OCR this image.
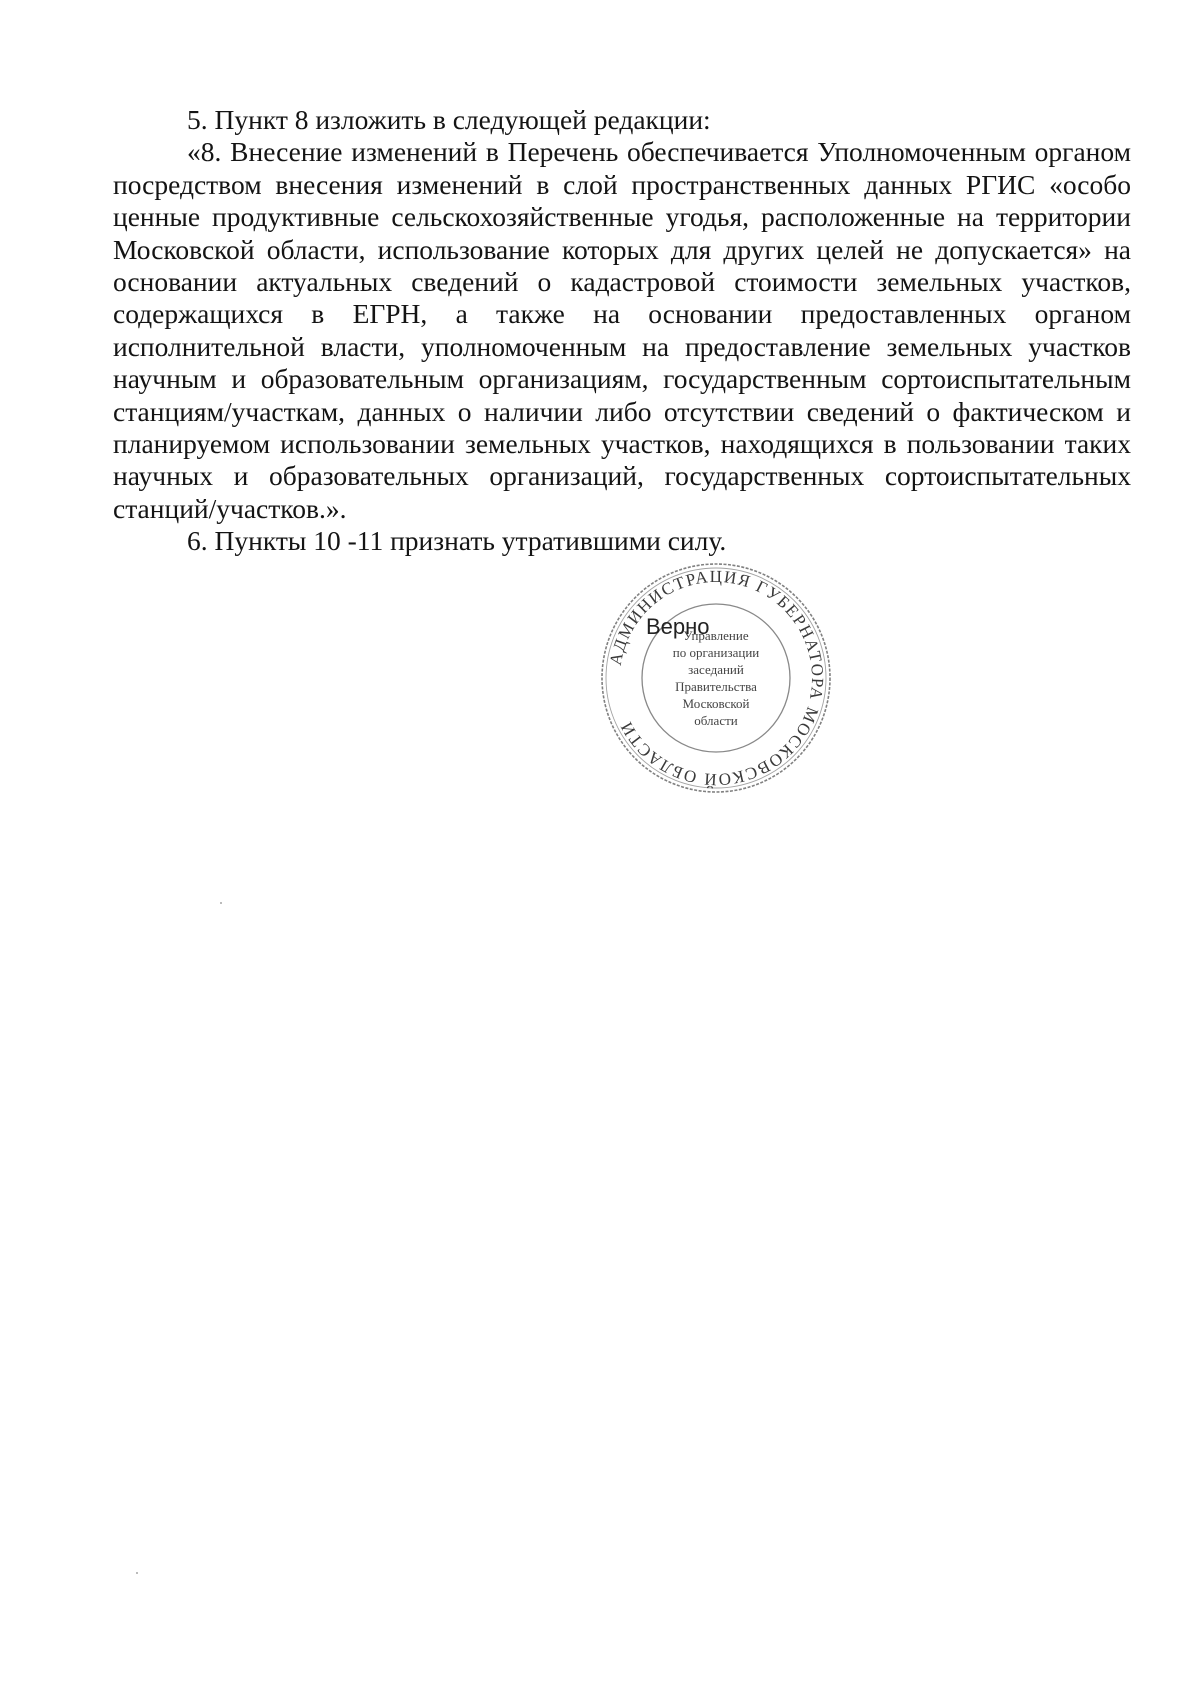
5. Пункт 8 изложить в следующей редакции:

«8. Внесение изменений в Перечень обеспечивается Уполномоченным органом посредством внесения изменений в слой пространственных данных РГИС «особо ценные продуктивные сельскохозяйственные угодья, расположенные на территории Московской области, использование которых для других целей не допускается» на основании актуальных сведений о кадастровой стоимости земельных участков, содержащихся в ЕГРН, а также на основании предоставленных органом исполнительной власти, уполномоченным на предоставление земельных участков научным и образовательным организациям, государственным сортоиспытательным станциям/участкам, данных о наличии либо отсутствии сведений о фактическом и планируемом использовании земельных участков, находящихся в пользовании таких научных и образовательных организаций, государственных сортоиспытательных станций/участков.».

6. Пункты 10 -11 признать утратившими силу.

АДМИНИСТРАЦИЯ ГУБЕРНАТОРА МОСКОВСКОЙ ОБЛАСТИ
Управление
по организации
заседаний
Правительства
Московской
области
Верно
